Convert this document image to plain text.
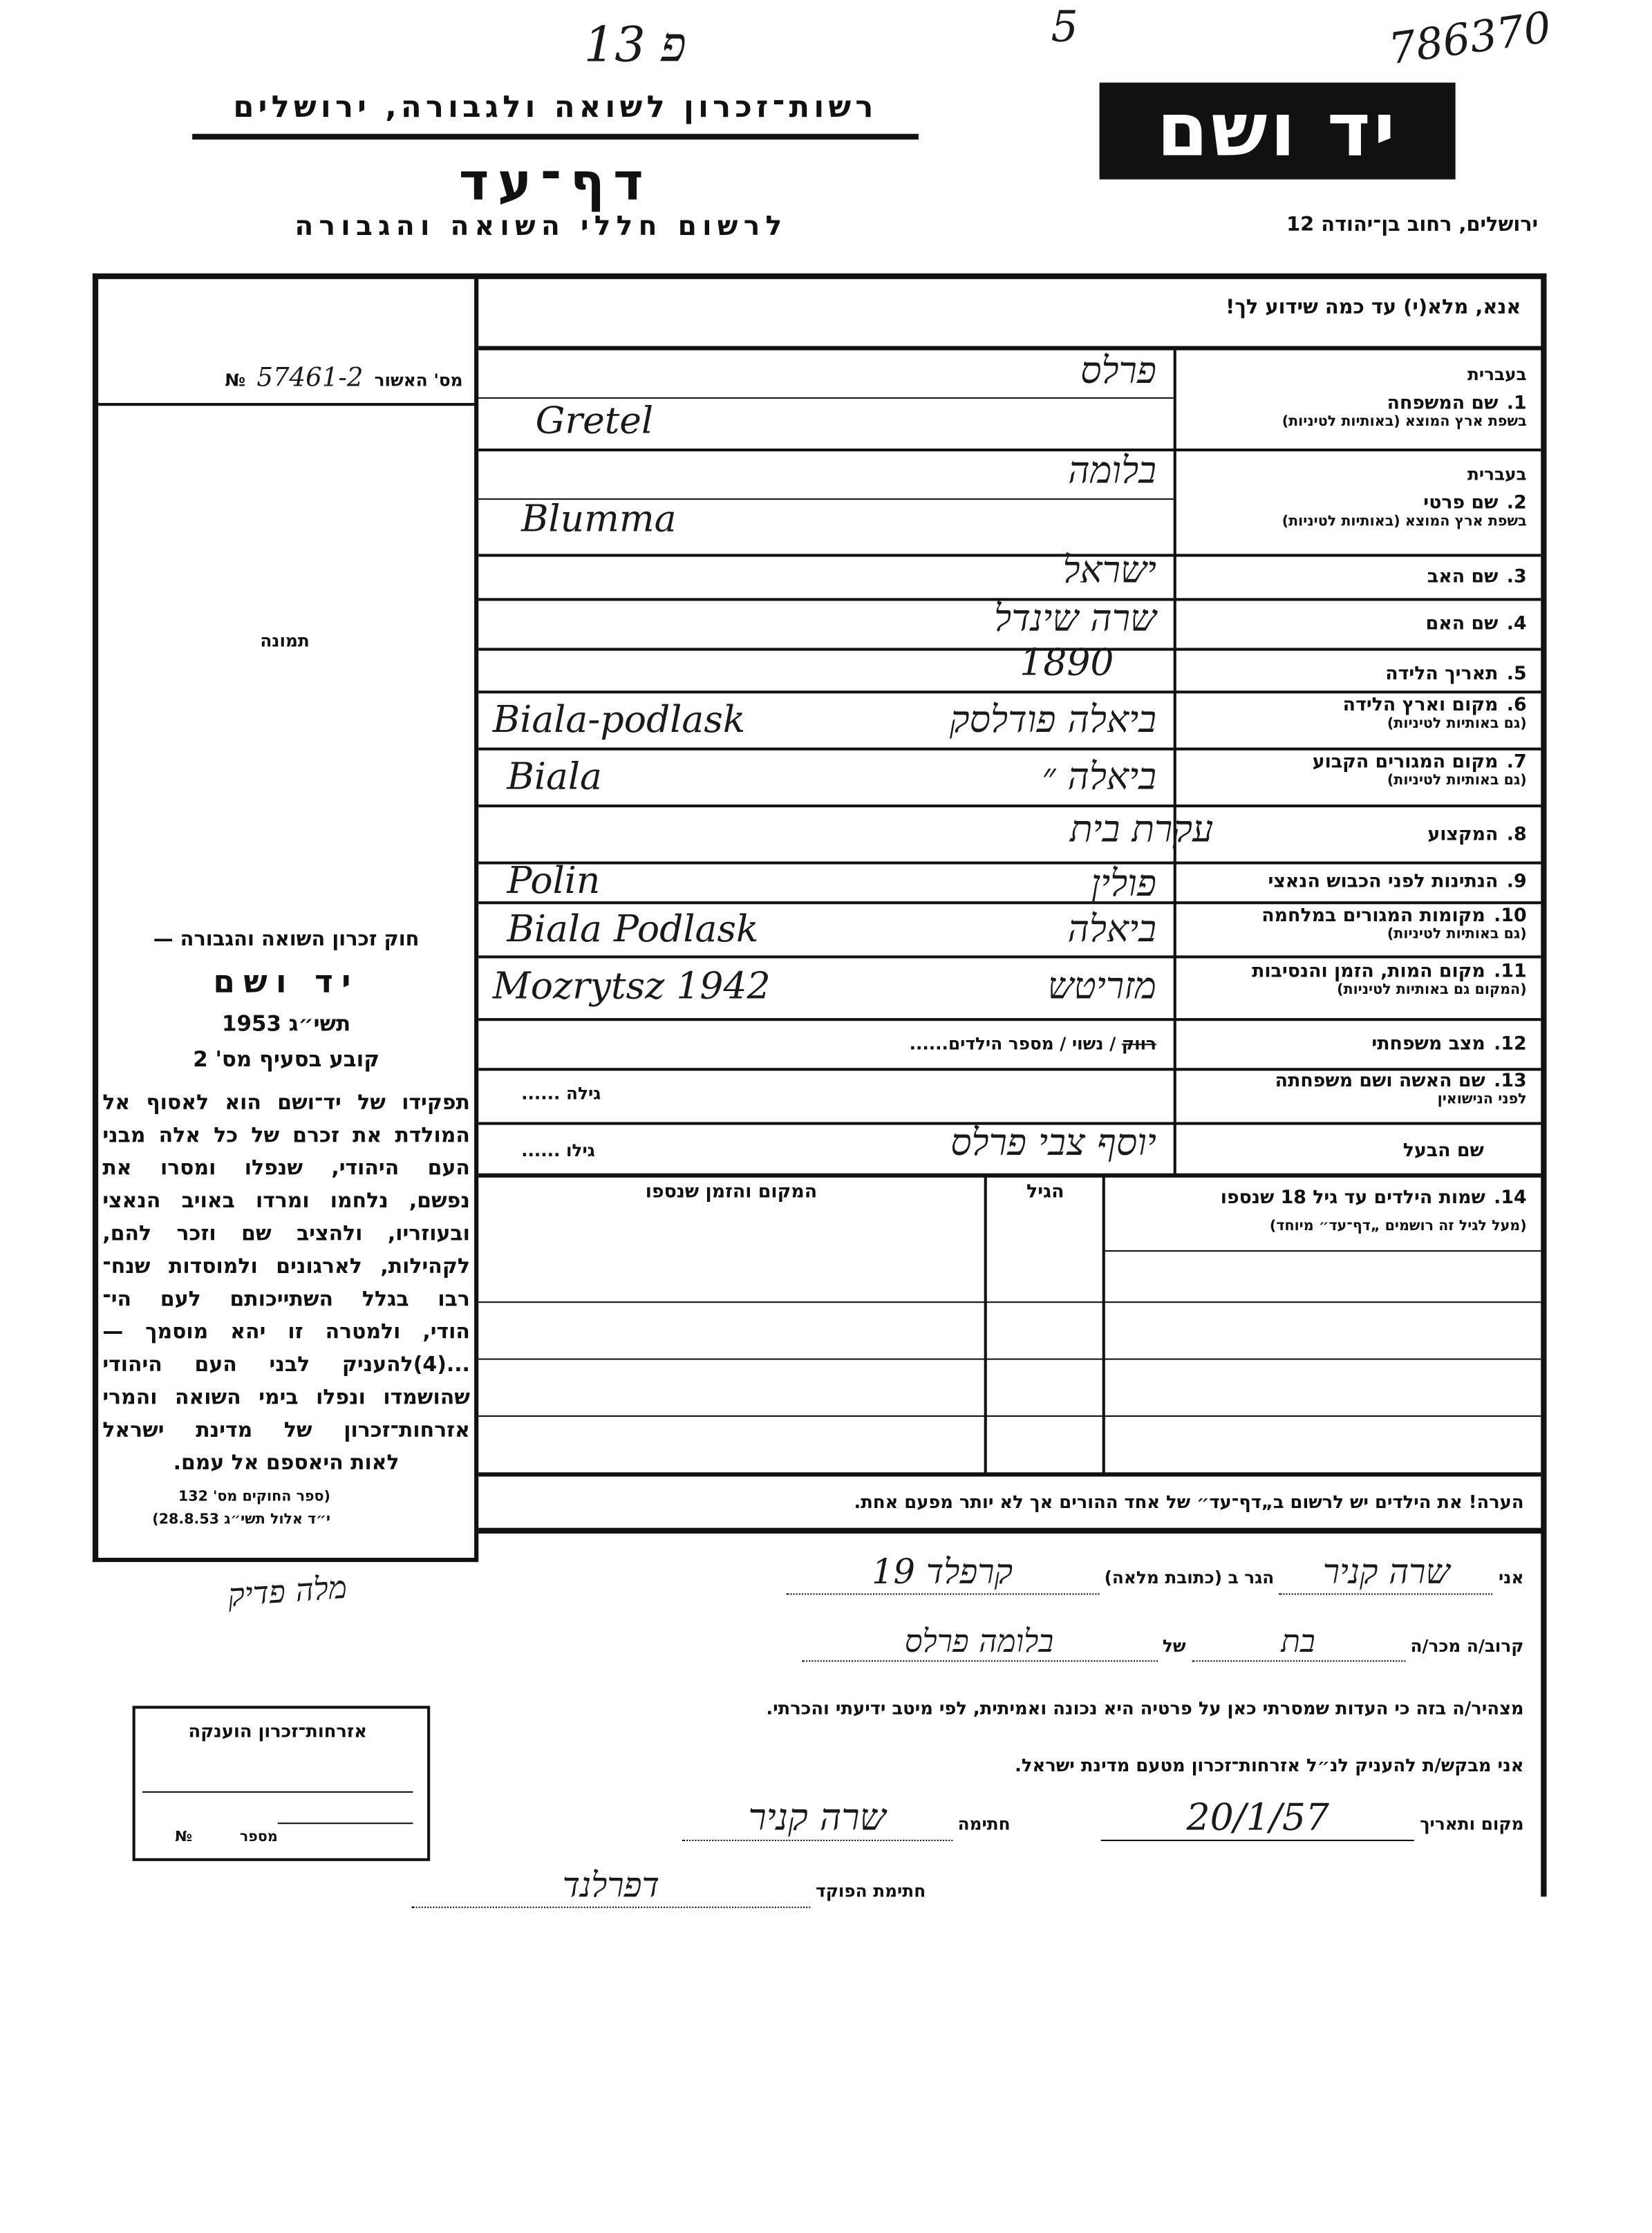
פ 13	5	786370
רשות־זכרון לשואה ולגבורה, ירושלים
דף־עד
לרשום חללי השואה והגבורה
יד ושם
ירושלים, רחוב בן־יהודה 12
אנא, מלא(י) עד כמה שידוע לך!
מס' האשור 57461-2 №
תמונה
חוק זכרון השואה והגבורה —
יד ושם
תשי״ג 1953
קובע בסעיף מס' 2
תפקידו של יד־ושם הוא לאסוף אל
המולדת את זכרם של כל אלה מבני
העם היהודי, שנפלו ומסרו את
נפשם, נלחמו ומרדו באויב הנאצי
ובעוזריו, ולהציב שם וזכר להם,
לקהילות, לארגונים ולמוסדות שנח־
רבו בגלל השתייכותם לעם הי־
הודי, ולמטרה זו יהא מוסמך —
...(4)להעניק לבני העם היהודי
שהושמדו ונפלו בימי השואה והמרי
אזרחות־זכרון של מדינת ישראל
לאות היאספם אל עמם.
(ספר החוקים מס' 132
י״ד אלול תשי״ג 28.8.53)
בעברית
1.שם המשפחה
בשפת ארץ המוצא (באותיות לטיניות)
בעברית
2.שם פרטי
בשפת ארץ המוצא (באותיות לטיניות)
3.שם האב
4.שם האם
5.תאריך הלידה
6.מקום וארץ הלידה
(גם באותיות לטיניות)
7.מקום המגורים הקבוע
(גם באותיות לטיניות)
8.המקצוע
9.הנתינות לפני הכבוש הנאצי
10.מקומות המגורים במלחמה
(גם באותיות לטיניות)
11.מקום המות, הזמן והנסיבות
(המקום גם באותיות לטיניות)
12.מצב משפחתי
13.שם האשה ושם משפחתה
לפני הנישואין
שם הבעל
פרלס
Gretel
בלומה
Blumma
ישראל
שרה שינדל
1890
ביאלה פודלסק
Biala-podlask
ביאלה ״
Biala
עקרת בית
פולין
Polin
ביאלה
Biala Podlask
מזריטש
Mozrytsz 1942
רווק / נשוי / מספר הילדים......
גילה ......
יוסף צבי פרלס
גילו ......
14.שמות הילדים עד גיל 18 שנספו
(מעל לגיל זה רושמים „דף־עד״ מיוחד)
הגיל
המקום והזמן שנספו
הערה! את הילדים יש לרשום ב„דף־עד״ של אחד ההורים אך לא יותר מפעם אחת.
אני שרה קניר הגר ב (כתובת מלאה) קרפלד 19
מלה פדיק
קרוב/ה מכר/ה בת של בלומה פרלס
מצהיר/ה בזה כי העדות שמסרתי כאן על פרטיה היא נכונה ואמיתית, לפי מיטב ידיעתי והכרתי.
אני מבקש/ת להעניק לנ״ל אזרחות־זכרון מטעם מדינת ישראל.
מקום ותאריך 20/1/57 חתימה שרה קניר
חתימת הפוקד דפרלנד
אזרחות־זכרון הוענקה
מספר №
